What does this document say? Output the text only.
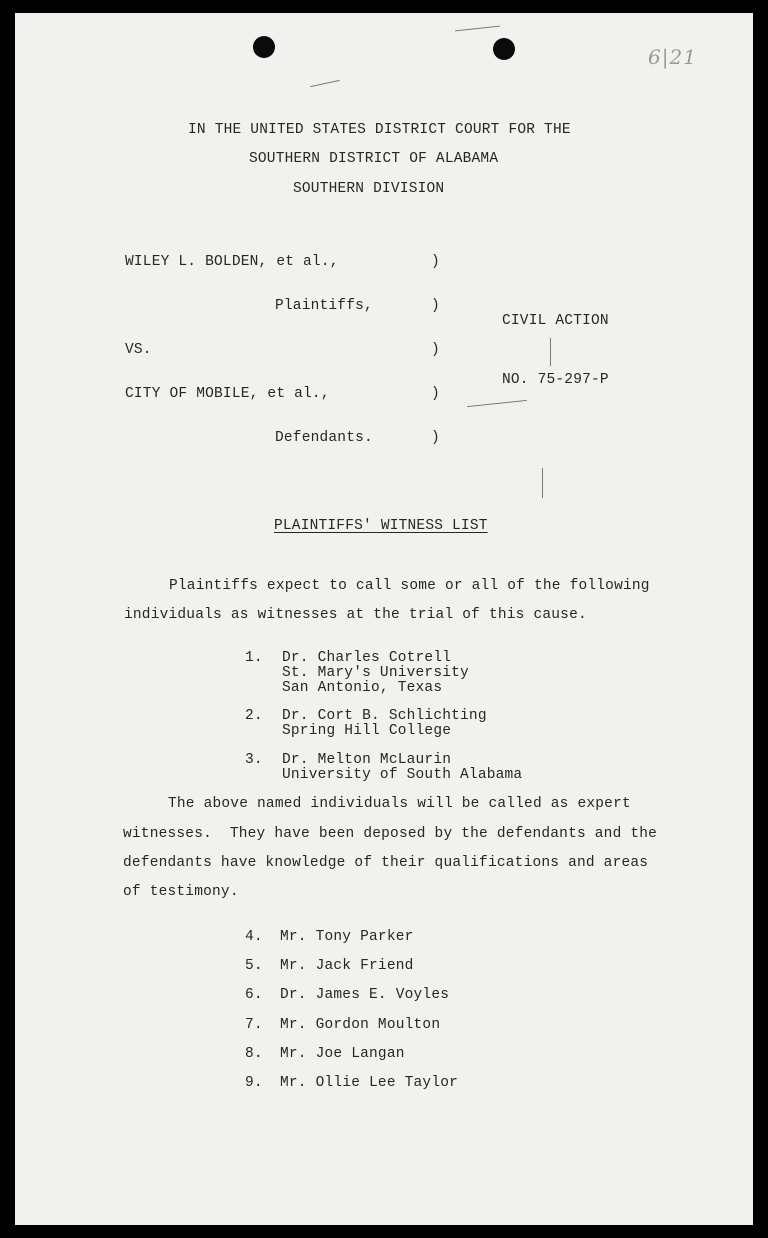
6|21
IN THE UNITED STATES DISTRICT COURT FOR THE
SOUTHERN DISTRICT OF ALABAMA
SOUTHERN DIVISION
WILEY L. BOLDEN, et al.,
Plaintiffs,
VS.
CITY OF MOBILE, et al.,
Defendants.
)
)
)
)
)
CIVIL ACTION
NO. 75-297-P
PLAINTIFFS' WITNESS LIST
Plaintiffs expect to call some or all of the following
individuals as witnesses at the trial of this cause.
1. Dr. Charles Cotrell
St. Mary's University
San Antonio, Texas
2. Dr. Cort B. Schlichting
Spring Hill College
3. Dr. Melton McLaurin
University of South Alabama
The above named individuals will be called as expert
witnesses.  They have been deposed by the defendants and the
defendants have knowledge of their qualifications and areas
of testimony.
4. Mr. Tony Parker
5. Mr. Jack Friend
6. Dr. James E. Voyles
7. Mr. Gordon Moulton
8. Mr. Joe Langan
9. Mr. Ollie Lee Taylor
